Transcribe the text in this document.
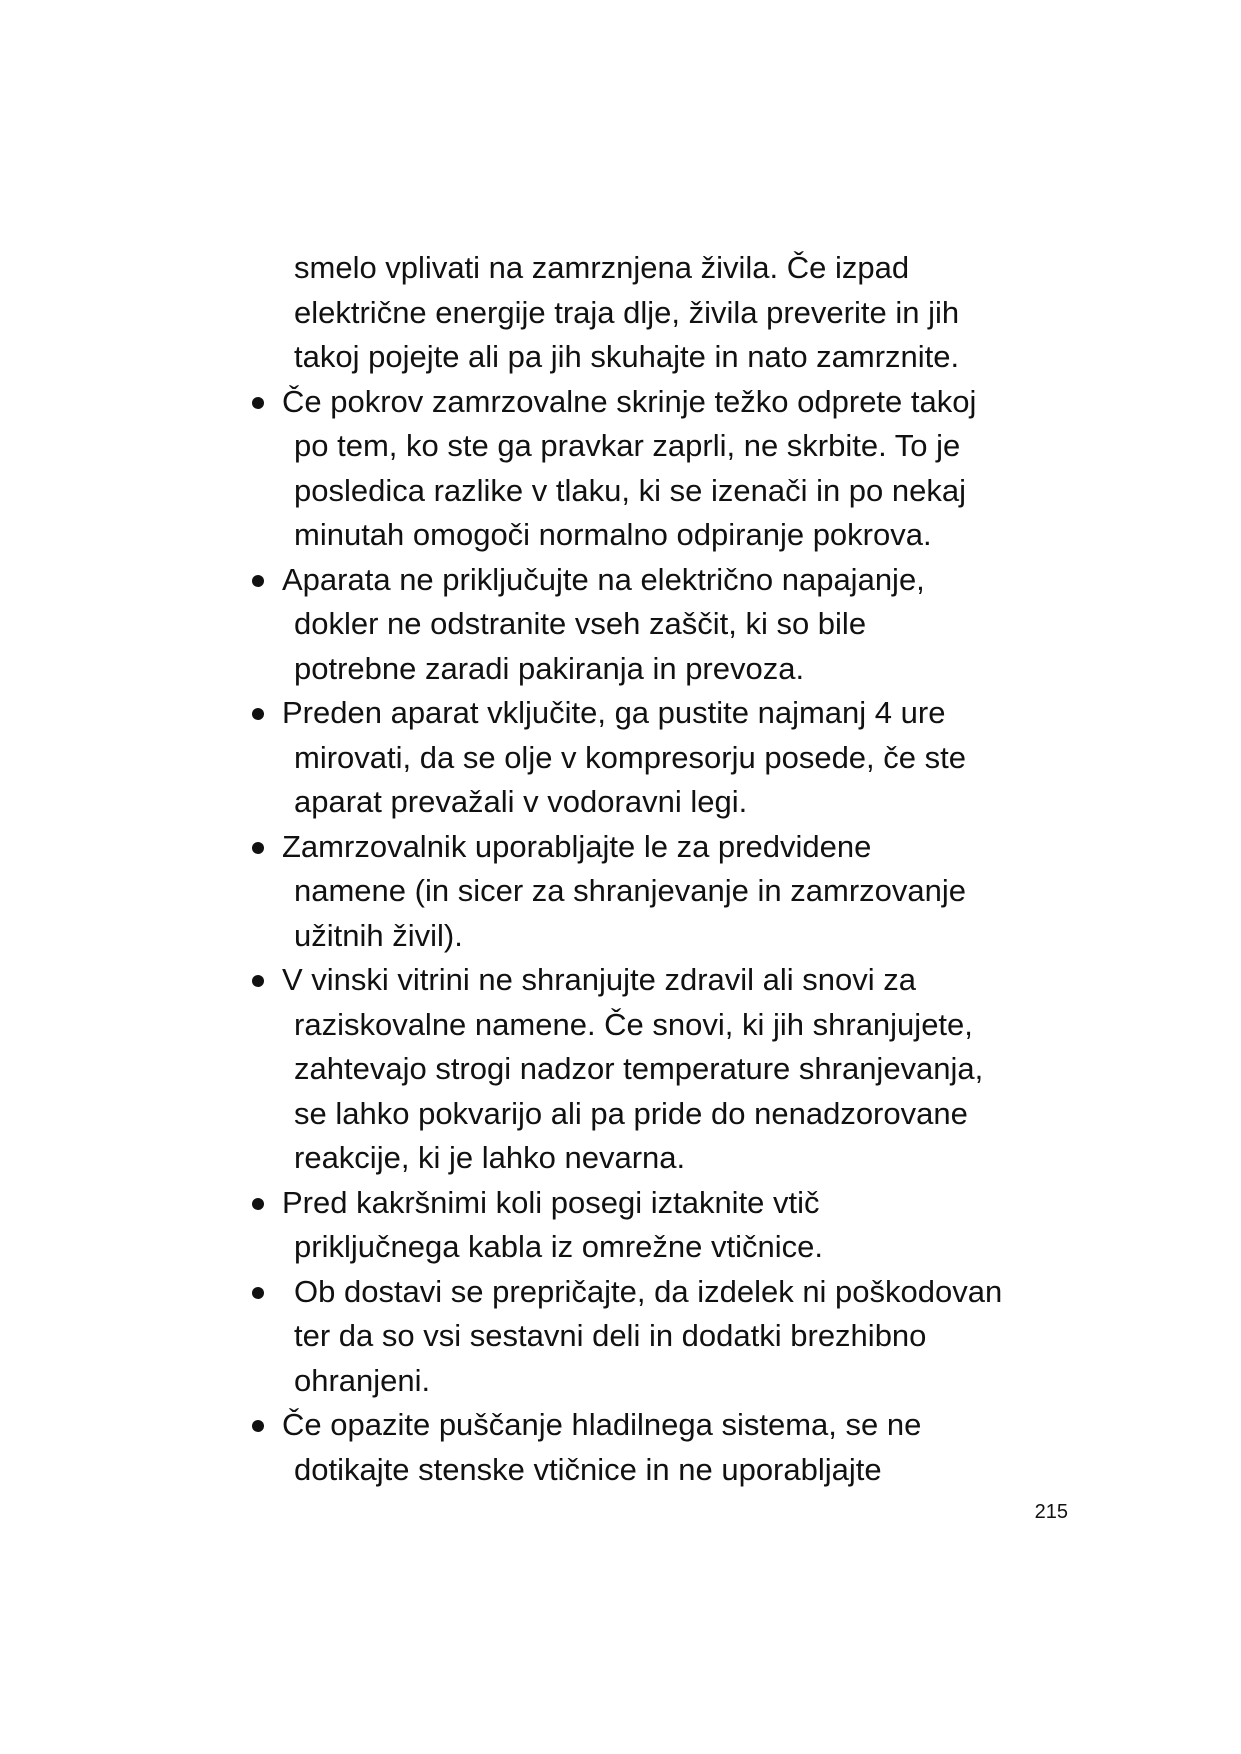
smelo vplivati na zamrznjena živila. Če izpad
električne energije traja dlje, živila preverite in jih
takoj pojejte ali pa jih skuhajte in nato zamrznite.
Če pokrov zamrzovalne skrinje težko odprete takoj
po tem, ko ste ga pravkar zaprli, ne skrbite. To je
posledica razlike v tlaku, ki se izenači in po nekaj
minutah omogoči normalno odpiranje pokrova.
Aparata ne priključujte na električno napajanje,
dokler ne odstranite vseh zaščit, ki so bile
potrebne zaradi pakiranja in prevoza.
Preden aparat vključite, ga pustite najmanj 4 ure
mirovati, da se olje v kompresorju posede, če ste
aparat prevažali v vodoravni legi.
Zamrzovalnik uporabljajte le za predvidene
namene (in sicer za shranjevanje in zamrzovanje
užitnih živil).
V vinski vitrini ne shranjujte zdravil ali snovi za
raziskovalne namene. Če snovi, ki jih shranjujete,
zahtevajo strogi nadzor temperature shranjevanja,
se lahko pokvarijo ali pa pride do nenadzorovane
reakcije, ki je lahko nevarna.
Pred kakršnimi koli posegi iztaknite vtič
priključnega kabla iz omrežne vtičnice.
Ob dostavi se prepričajte, da izdelek ni poškodovan
ter da so vsi sestavni deli in dodatki brezhibno
ohranjeni.
Če opazite puščanje hladilnega sistema, se ne
dotikajte stenske vtičnice in ne uporabljajte
215
